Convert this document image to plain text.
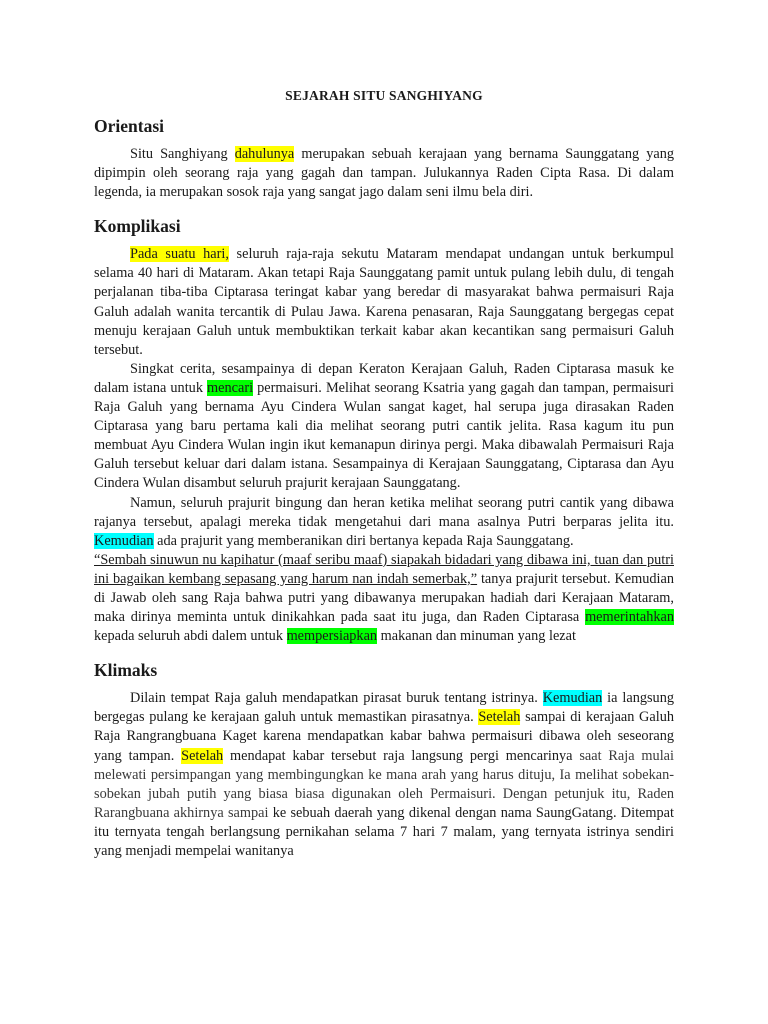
SEJARAH SITU SANGHIYANG
Orientasi

Situ Sanghiyang dahulunya merupakan sebuah kerajaan yang bernama Saunggatang yang dipimpin oleh seorang raja yang gagah dan tampan. Julukannya Raden Cipta Rasa. Di dalam legenda, ia merupakan sosok raja yang sangat jago dalam seni ilmu bela diri.

Komplikasi

Pada suatu hari, seluruh raja-raja sekutu Mataram mendapat undangan untuk berkumpul selama 40 hari di Mataram. Akan tetapi Raja Saunggatang pamit untuk pulang lebih dulu, di tengah perjalanan tiba-tiba Ciptarasa teringat kabar yang beredar di masyarakat bahwa permaisuri Raja Galuh adalah wanita tercantik di Pulau Jawa. Karena penasaran, Raja Saunggatang bergegas cepat menuju kerajaan Galuh untuk membuktikan terkait kabar akan kecantikan sang permaisuri Galuh tersebut.

Singkat cerita, sesampainya di depan Keraton Kerajaan Galuh, Raden Ciptarasa masuk ke dalam istana untuk mencari permaisuri. Melihat seorang Ksatria yang gagah dan tampan, permaisuri Raja Galuh yang bernama Ayu Cindera Wulan sangat kaget, hal serupa juga dirasakan Raden Ciptarasa yang baru pertama kali dia melihat seorang putri cantik jelita. Rasa kagum itu pun membuat Ayu Cindera Wulan ingin ikut kemanapun dirinya pergi. Maka dibawalah Permaisuri Raja Galuh tersebut keluar dari dalam istana. Sesampainya di Kerajaan Saunggatang, Ciptarasa dan Ayu Cindera Wulan disambut seluruh prajurit kerajaan Saunggatang.

Namun, seluruh prajurit bingung dan heran ketika melihat seorang putri cantik yang dibawa rajanya tersebut, apalagi mereka tidak mengetahui dari mana asalnya Putri berparas jelita itu. Kemudian ada prajurit yang memberanikan diri bertanya kepada Raja Saunggatang.
“Sembah sinuwun nu kapihatur (maaf seribu maaf) siapakah bidadari yang dibawa ini, tuan dan putri ini bagaikan kembang sepasang yang harum nan indah semerbak,” tanya prajurit tersebut. Kemudian di Jawab oleh sang Raja bahwa putri yang dibawanya merupakan hadiah dari Kerajaan Mataram, maka dirinya meminta untuk dinikahkan pada saat itu juga, dan Raden Ciptarasa memerintahkan kepada seluruh abdi dalem untuk mempersiapkan makanan dan minuman yang lezat

Klimaks

Dilain tempat Raja galuh mendapatkan pirasat buruk tentang istrinya. Kemudian ia langsung bergegas pulang ke kerajaan galuh untuk memastikan pirasatnya. Setelah sampai di kerajaan Galuh Raja Rangrangbuana Kaget karena mendapatkan kabar bahwa permaisuri dibawa oleh seseorang yang tampan. Setelah mendapat kabar tersebut raja langsung pergi mencarinya saat Raja mulai melewati persimpangan yang membingungkan ke mana arah yang harus dituju, Ia melihat sobekan-sobekan jubah putih yang biasa biasa digunakan oleh Permaisuri. Dengan petunjuk itu, Raden Rarangbuana akhirnya sampai ke sebuah daerah yang dikenal dengan nama SaungGatang. Ditempat itu ternyata tengah berlangsung pernikahan selama 7 hari 7 malam, yang ternyata istrinya sendiri yang menjadi mempelai wanitanya
